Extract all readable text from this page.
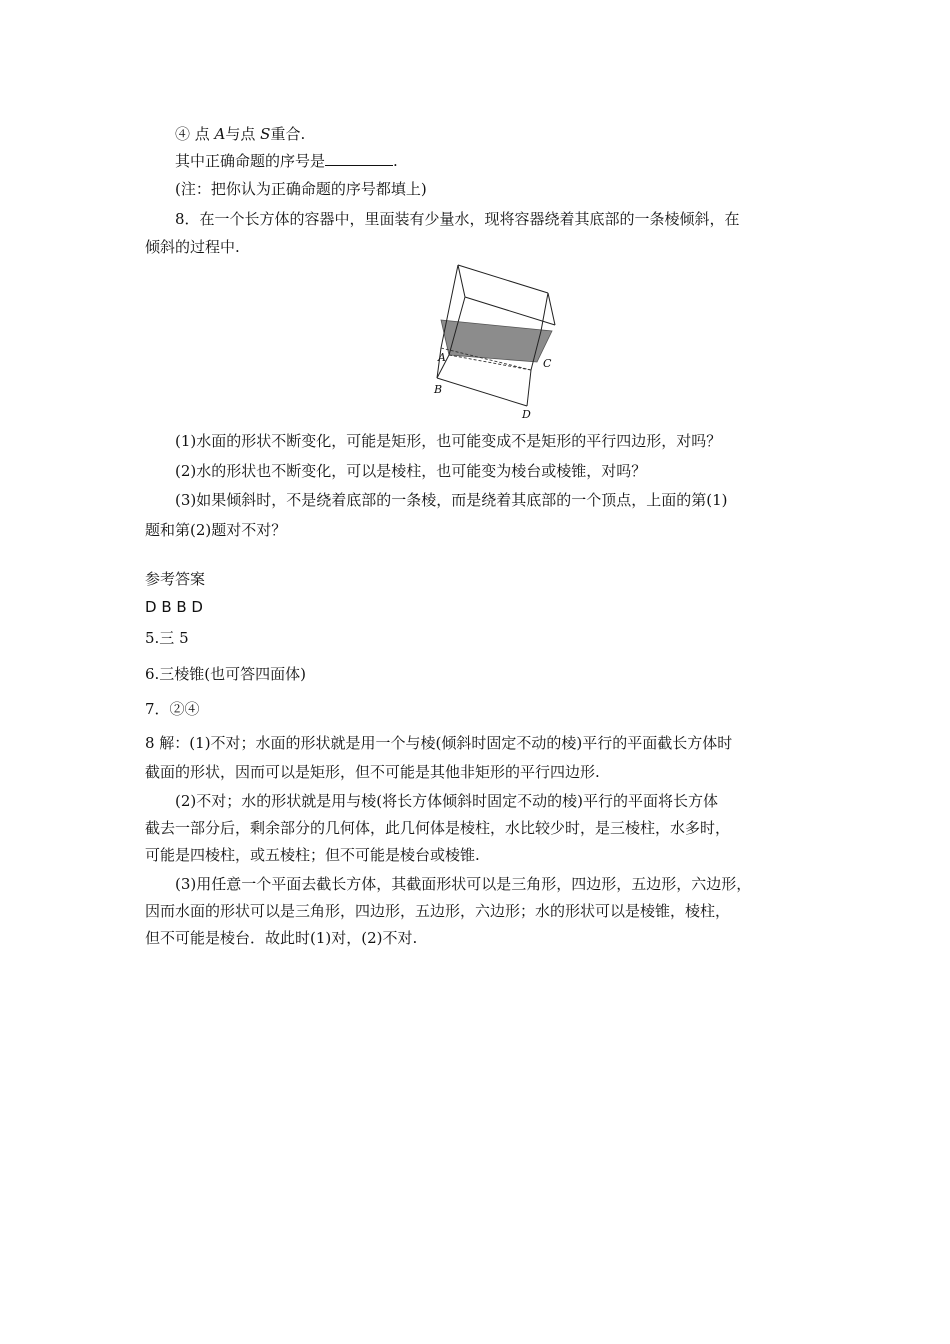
④ 点 A与点 S重合.
其中正确命题的序号是	.
(注：把你认为正确命题的序号都填上)
8．在一个长方体的容器中，里面装有少量水，现将容器绕着其底部的一条棱倾斜，在
倾斜的过程中.
A
B
C
D
(1)水面的形状不断变化，可能是矩形，也可能变成不是矩形的平行四边形，对吗？
(2)水的形状也不断变化，可以是棱柱，也可能变为棱台或棱锥，对吗？
(3)如果倾斜时，不是绕着底部的一条棱，而是绕着其底部的一个顶点，上面的第(1)
题和第(2)题对不对？
参考答案
D B B D
5.三 5
6.三棱锥(也可答四面体)
7．②④
8 解：(1)不对；水面的形状就是用一个与棱(倾斜时固定不动的棱)平行的平面截长方体时
截面的形状，因而可以是矩形，但不可能是其他非矩形的平行四边形.
(2)不对；水的形状就是用与棱(将长方体倾斜时固定不动的棱)平行的平面将长方体
截去一部分后，剩余部分的几何体，此几何体是棱柱，水比较少时，是三棱柱，水多时，
可能是四棱柱，或五棱柱；但不可能是棱台或棱锥.
(3)用任意一个平面去截长方体，其截面形状可以是三角形，四边形，五边形，六边形，
因而水面的形状可以是三角形，四边形，五边形，六边形；水的形状可以是棱锥，棱柱，
但不可能是棱台．故此时(1)对，(2)不对.
